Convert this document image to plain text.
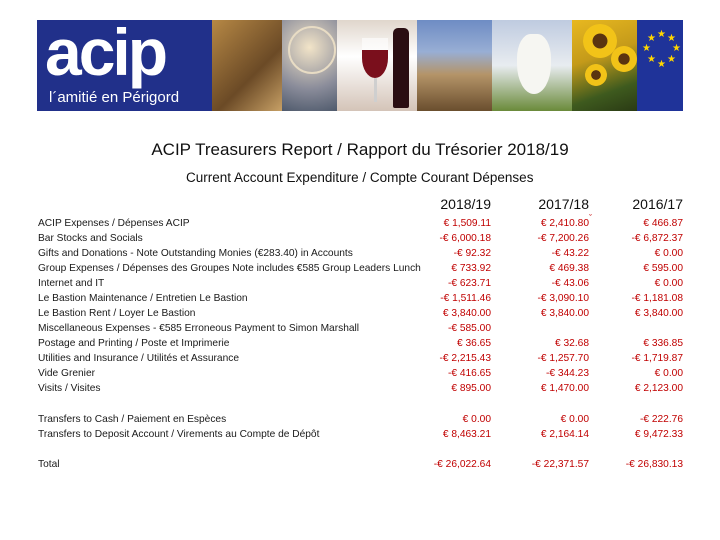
acip
l´amitié en Périgord
★ ★
★
★
★
★
★
★
ACIP Treasurers Report / Rapport du Trésorier 2018/19
Current Account Expenditure / Compte Courant Dépenses
2018/19	2017/18	2016/17
ˇ
ACIP Expenses / Dépenses ACIP	€ 1,509.11	€ 2,410.80	€ 466.87
Bar Stocks and Socials	-€ 6,000.18	-€ 7,200.26	-€ 6,872.37
Gifts and Donations - Note Outstanding Monies (€283.40) in Accounts	-€ 92.32	-€ 43.22	€ 0.00
Group Expenses / Dépenses des Groupes Note includes €585 Group Leaders Lunch	€ 733.92	€ 469.38	€ 595.00
Internet and IT	-€ 623.71	-€ 43.06	€ 0.00
Le Bastion Maintenance / Entretien Le Bastion	-€ 1,511.46	-€ 3,090.10	-€ 1,181.08
Le Bastion Rent / Loyer Le Bastion	€ 3,840.00	€ 3,840.00	€ 3,840.00
Miscellaneous Expenses - €585 Erroneous Payment to Simon Marshall	-€ 585.00
Postage and Printing / Poste et Imprimerie	€ 36.65	€ 32.68	€ 336.85
Utilities and Insurance / Utilités et Assurance	-€ 2,215.43	-€ 1,257.70	-€ 1,719.87
Vide Grenier	-€ 416.65	-€ 344.23	€ 0.00
Visits / Visites	€ 895.00	€ 1,470.00	€ 2,123.00
Transfers to Cash / Paiement en Espèces	€ 0.00	€ 0.00	-€ 222.76
Transfers to Deposit Account / Virements au Compte de Dépôt	€ 8,463.21	€ 2,164.14	€ 9,472.33
Total	-€ 26,022.64	-€ 22,371.57	-€ 26,830.13
